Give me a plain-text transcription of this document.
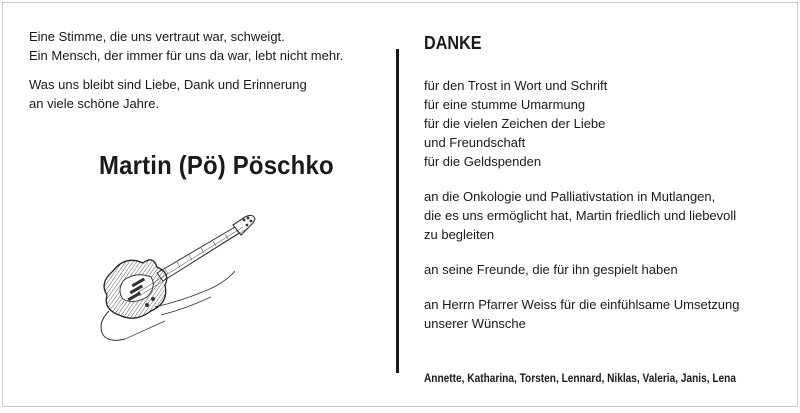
Eine Stimme, die uns vertraut war, schweigt.
Ein Mensch, der immer für uns da war, lebt nicht mehr.

Was uns bleibt sind Liebe, Dank und Erinnerung
an viele schöne Jahre.

Martin (Pö) Pöschko
DANKE
für den Trost in Wort und Schrift
für eine stumme Umarmung
für die vielen Zeichen der Liebe
und Freundschaft
für die Geldspenden
an die Onkologie und Palliativstation in Mutlangen,
die es uns ermöglicht hat, Martin friedlich und liebevoll
zu begleiten
an seine Freunde, die für ihn gespielt haben
an Herrn Pfarrer Weiss für die einfühlsame Umsetzung
unserer Wünsche
Annette, Katharina, Torsten, Lennard, Niklas, Valeria, Janis, Lena
